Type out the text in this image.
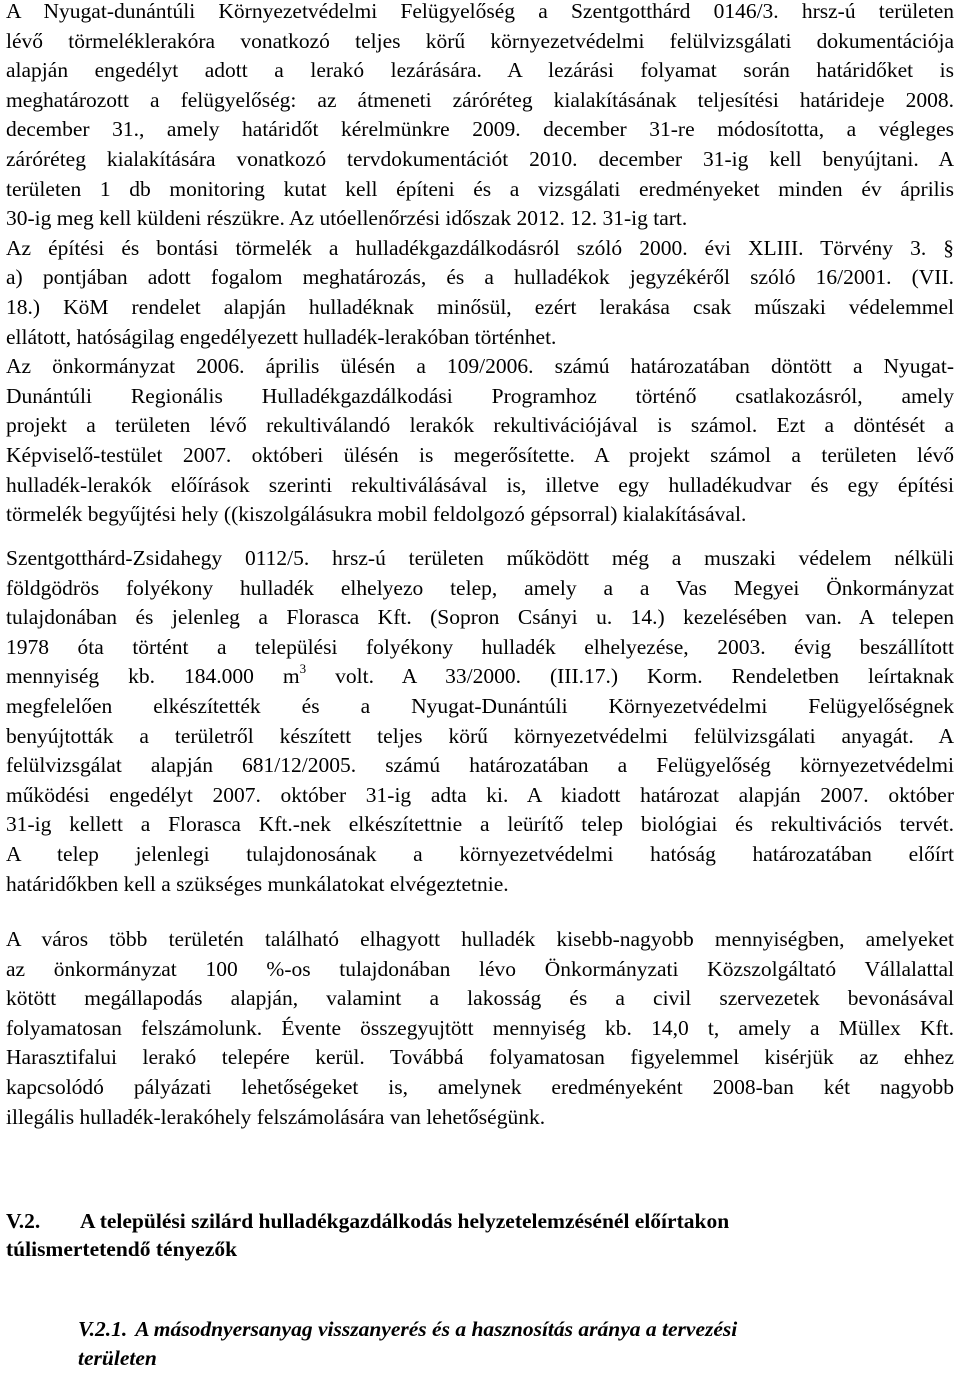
A Nyugat-dunántúli Környezetvédelmi Felügyelőség a Szentgotthárd 0146/3. hrsz-ú területen
lévő törmeléklerakóra vonatkozó teljes körű környezetvédelmi felülvizsgálati dokumentációja
alapján engedélyt adott a lerakó lezárására. A lezárási folyamat során határidőket is
meghatározott a felügyelőség: az átmeneti záróréteg kialakításának teljesítési határideje 2008.
december 31., amely határidőt kérelmünkre 2009. december 31-re módosította, a végleges
záróréteg kialakítására vonatkozó tervdokumentációt 2010. december 31-ig kell benyújtani. A
területen 1 db monitoring kutat kell építeni és a vizsgálati eredményeket minden év április
30-ig meg kell küldeni részükre. Az utóellenőrzési időszak 2012. 12. 31-ig tart.
Az építési és bontási törmelék a hulladékgazdálkodásról szóló 2000. évi XLIII. Törvény 3. §
a) pontjában adott fogalom meghatározás, és a hulladékok jegyzékéről szóló 16/2001. (VII.
18.) KöM rendelet alapján hulladéknak minősül, ezért lerakása csak műszaki védelemmel
ellátott, hatóságilag engedélyezett hulladék-lerakóban történhet.
Az önkormányzat 2006. április ülésén a 109/2006. számú határozatában döntött a Nyugat-
Dunántúli Regionális Hulladékgazdálkodási Programhoz történő csatlakozásról, amely
projekt a területen lévő rekultiválandó lerakók rekultivációjával is számol. Ezt a döntését a
Képviselő-testület 2007. októberi ülésén is megerősítette. A projekt számol a területen lévő
hulladék-lerakók előírások szerinti rekultiválásával is, illetve egy hulladékudvar és egy építési
törmelék begyűjtési hely ((kiszolgálásukra mobil feldolgozó gépsorral) kialakításával.
Szentgotthárd-Zsidahegy 0112/5. hrsz-ú területen működött még a muszaki védelem nélküli
földgödrös folyékony hulladék elhelyezo telep, amely a a Vas Megyei Önkormányzat
tulajdonában és jelenleg a Florasca Kft. (Sopron Csányi u. 14.) kezelésében van. A telepen
1978 óta történt a települési folyékony hulladék elhelyezése, 2003. évig beszállított
mennyiség kb. 184.000 $m^3$ volt. A 33/2000. (III.17.) Korm. Rendeletben leírtaknak
megfelelően elkészítették és a Nyugat-Dunántúli Környezetvédelmi Felügyelőségnek
benyújtották a területről készített teljes körű környezetvédelmi felülvizsgálati anyagát. A
felülvizsgálat alapján 681/12/2005. számú határozatában a Felügyelőség környezetvédelmi
működési engedélyt 2007. október 31-ig adta ki. A kiadott határozat alapján 2007. október
31-ig kellett a Florasca Kft.-nek elkészítettnie a leürítő telep biológiai és rekultivációs tervét.
A telep jelenlegi tulajdonosának a környezetvédelmi hatóság határozatában előírt
határidőkben kell a szükséges munkálatokat elvégeztetnie.
A város több területén található elhagyott hulladék kisebb-nagyobb mennyiségben, amelyeket
az önkormányzat 100 %-os tulajdonában lévo Önkormányzati Közszolgáltató Vállalattal
kötött megállapodás alapján, valamint a lakosság és a civil szervezetek bevonásával
folyamatosan felszámolunk. Évente összegyujtött mennyiség kb. 14,0 t, amely a Müllex Kft.
Harasztifalui lerakó telepére kerül. Továbbá folyamatosan figyelemmel kisérjük az ehhez
kapcsolódó pályázati lehetőségeket is, amelynek eredményeként 2008-ban két nagyobb
illegális hulladék-lerakóhely felszámolására van lehetőségünk.
V.2. A települési szilárd hulladékgazdálkodás helyzetelemzésénél előírtakon
túlismertetendő tényezők
V.2.1. A másodnyersanyag visszanyerés és a hasznosítás aránya a tervezési
területen
